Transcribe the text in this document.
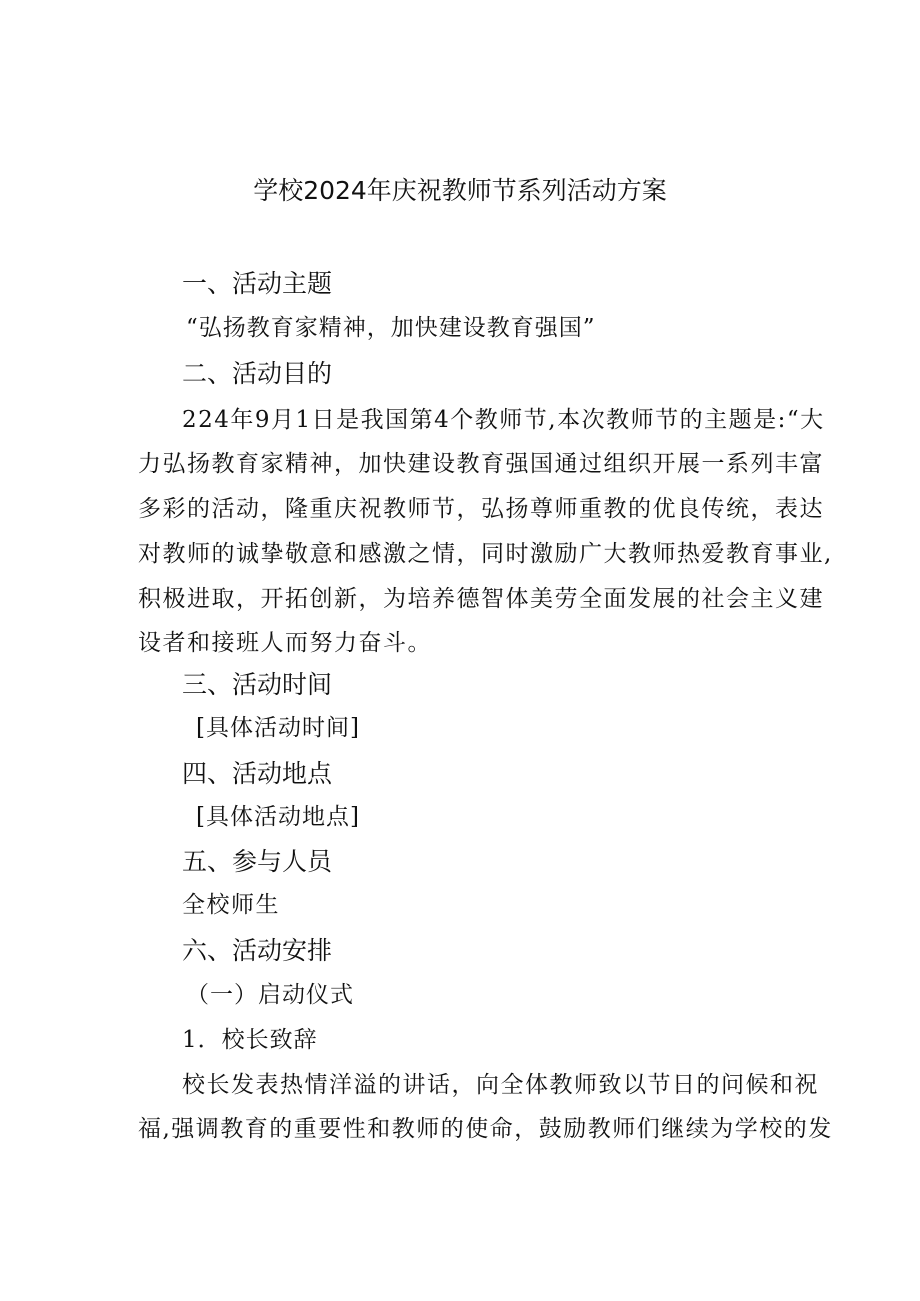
学校2024年庆祝教师节系列活动方案
一、活动主题
“弘扬教育家精神，加快建设教育强国”
二、活动目的
224年9月1日是我国第4个教师节,本次教师节的主题是:“大
力弘扬教育家精神，加快建设教育强国通过组织开展一系列丰富
多彩的活动，隆重庆祝教师节，弘扬尊师重教的优良传统，表达
对教师的诚挚敬意和感激之情，同时激励广大教师热爱教育事业,
积极进取，开拓创新，为培养德智体美劳全面发展的社会主义建
设者和接班人而努力奋斗。
三、活动时间
[具体活动时间]
四、活动地点
[具体活动地点]
五、参与人员
全校师生
六、活动安排
（一）启动仪式
1．校长致辞
校长发表热情洋溢的讲话，向全体教师致以节日的问候和祝
福,强调教育的重要性和教师的使命，鼓励教师们继续为学校的发
